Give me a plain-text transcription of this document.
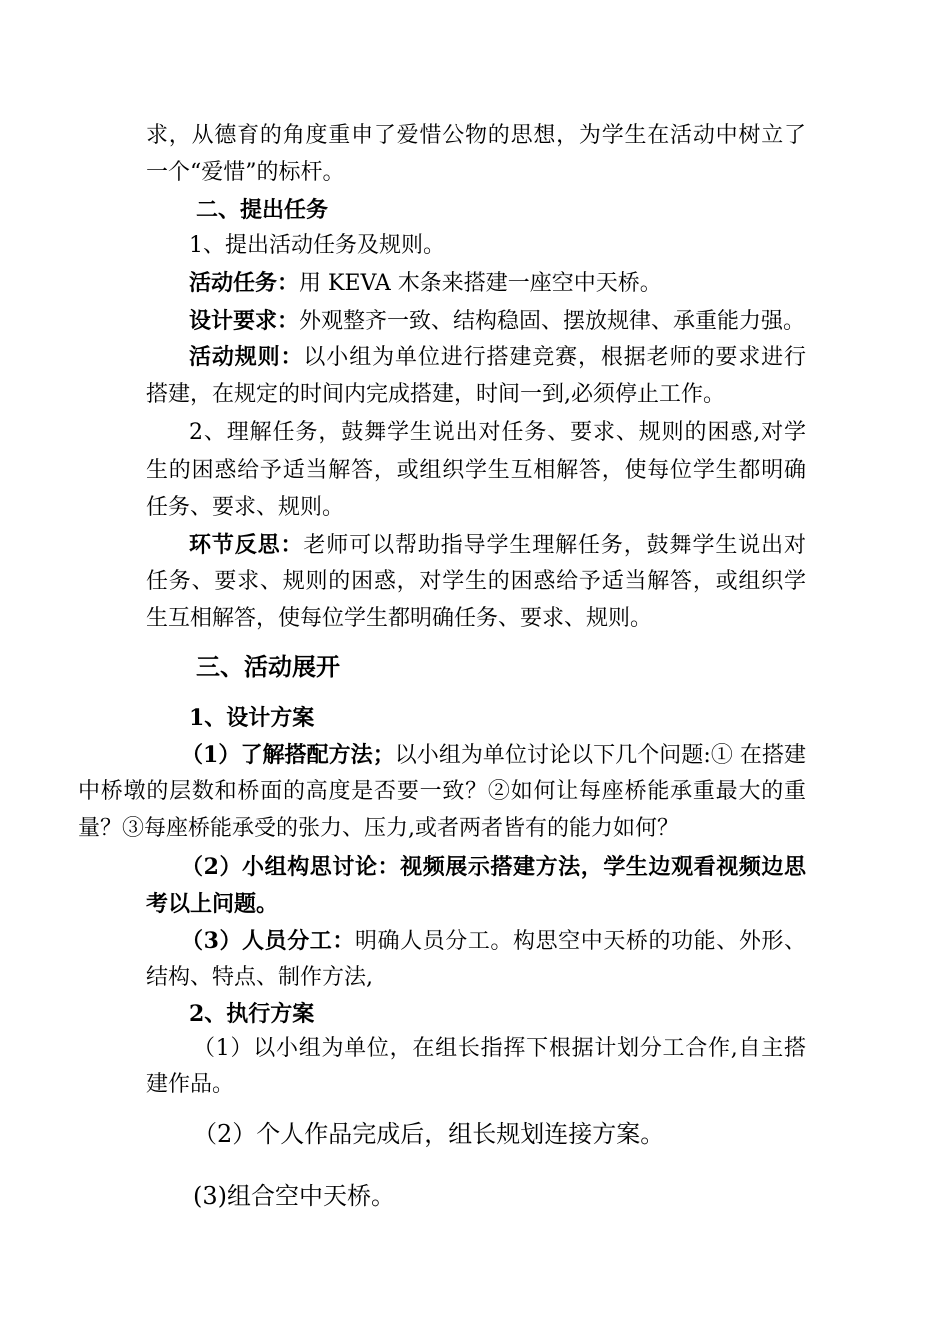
求，从德育的角度重申了爱惜公物的思想，为学生在活动中树立了

一个“爱惜”的标杆。

二、提出任务

1、提出活动任务及规则。

活动任务：用 KEVA 木条来搭建一座空中天桥。

设计要求：外观整齐一致、结构稳固、摆放规律、承重能力强。

活动规则：以小组为单位进行搭建竞赛，根据老师的要求进行

搭建，在规定的时间内完成搭建，时间一到,必须停止工作。

2、理解任务，鼓舞学生说出对任务、要求、规则的困惑,对学

生的困惑给予适当解答，或组织学生互相解答，使每位学生都明确

任务、要求、规则。

环节反思：老师可以帮助指导学生理解任务，鼓舞学生说出对

任务、要求、规则的困惑，对学生的困惑给予适当解答，或组织学

生互相解答，使每位学生都明确任务、要求、规则。

三、活动展开

1、设计方案

（1）了解搭配方法；以小组为单位讨论以下几个问题:① 在搭建

中桥墩的层数和桥面的高度是否要一致？②如何让每座桥能承重最大的重

量？③每座桥能承受的张力、压力,或者两者皆有的能力如何？

（2）小组构思讨论：视频展示搭建方法，学生边观看视频边思

考以上问题。

（3）人员分工：明确人员分工。构思空中天桥的功能、外形、

结构、特点、制作方法,

2、执行方案

（1）以小组为单位，在组长指挥下根据计划分工合作,自主搭

建作品。

（2）个人作品完成后，组长规划连接方案。

(3)组合空中天桥。
